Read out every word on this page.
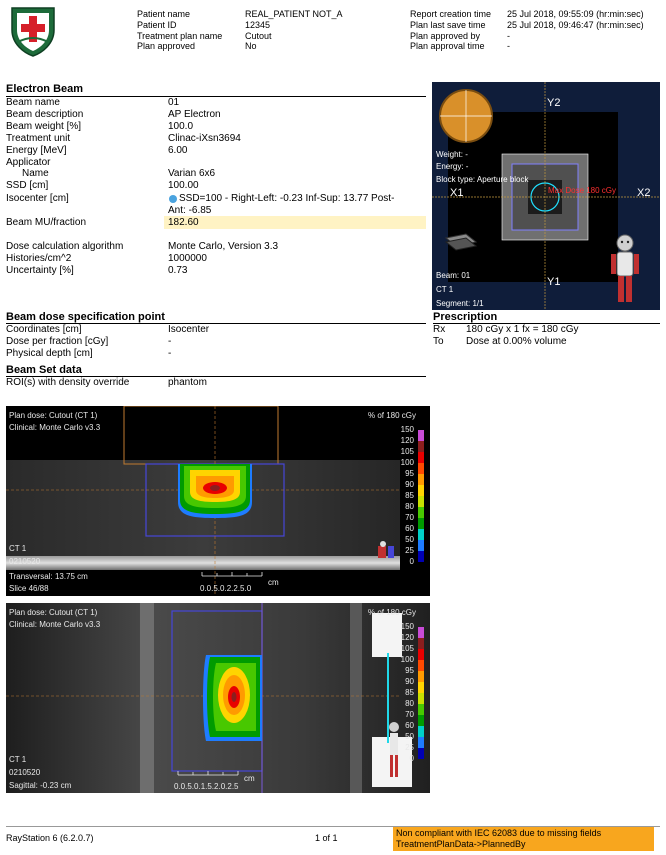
Patient name	REAL_PATIENT NOT_A
Patient ID	12345
Treatment plan name	Cutout
Plan approved	No
Report creation time 25 Jul 2018, 09:55:09 (hr:min:sec)
Plan last save time 25 Jul 2018, 09:46:47 (hr:min:sec)
Plan approved by	-
Plan approval time -
Electron Beam
Beam name	01
Beam description	AP Electron
Beam weight [%]	100.0
Treatment unit	Clinac-iXsn3694
Energy [MeV]	6.00
Applicator
Name	Varian 6x6
SSD [cm]	100.00
Isocenter [cm]	SSD=100 - Right-Left: -0.23 Inf-Sup: 13.77 Post-
Ant: -6.85
Beam MU/fraction	182.60
Dose calculation algorithm	Monte Carlo, Version 3.3
Histories/cm^2	1000000
Uncertainty [%]	0.73
Y2
Y1
X1	X2
Weight: -
Energy: -
Block type: Aperture block
Max Dose 180 cGy
Beam: 01
CT 1
Segment: 1/1
Beam dose specification point
Coordinates [cm]	Isocenter
Dose per fraction [cGy]	-
Physical depth [cm]	-
Prescription
Rx 180 cGy x 1 fx = 180 cGy
To Dose at 0.00% volume
Beam Set data
ROI(s) with density override	phantom
Plan dose: Cutout (CT 1)
Clinical: Monte Carlo v3.3
CT 1
0210520
Transversal: 13.75 cm
Slice 46/88	0.0.5.0.2.2.5.0
cm
% of 180 cGy
150
120
105
100
95
90
85
80
70
60
50
25
0
Plan dose: Cutout (CT 1)
Clinical: Monte Carlo v3.3
CT 1
0210520
Sagittal: -0.23 cm	0.0.5.0.1.5.2.0.2.5
cm
% of 180 cGy
150
120
105
100
95
90
85
80
70
60
50
25
0
RayStation 6 (6.2.0.7)	1 of 1	Non compliant with IEC 62083 due to missing fields
TreatmentPlanData->PlannedBy
